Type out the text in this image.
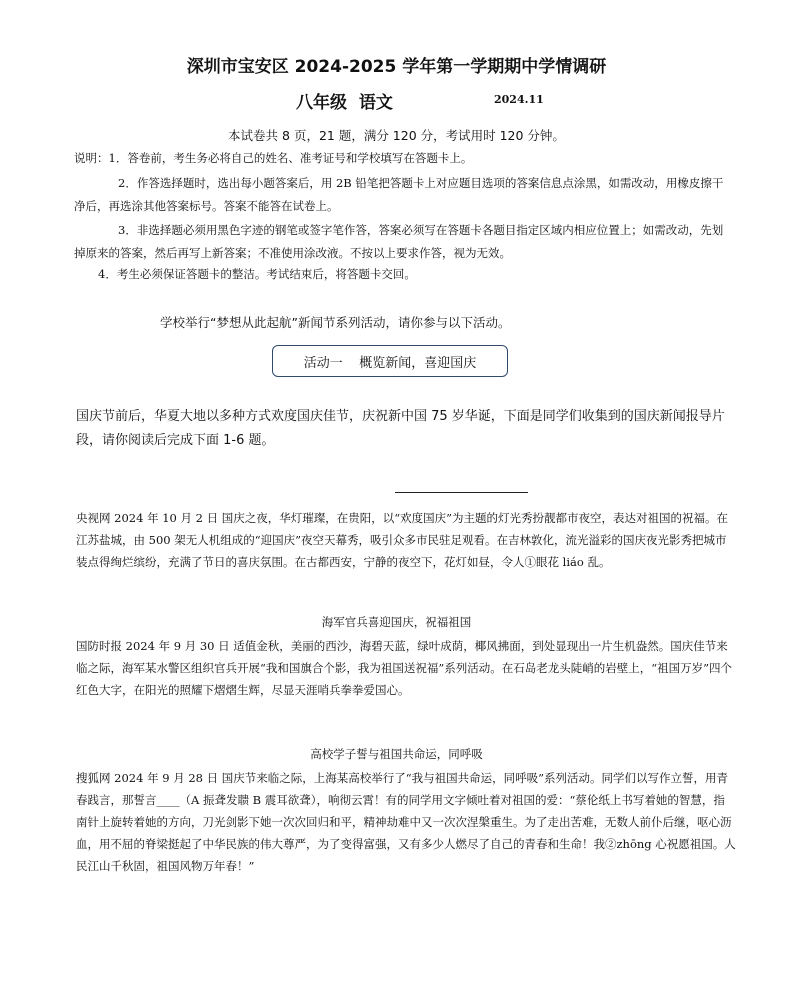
深圳市宝安区 2024-2025 学年第一学期期中学情调研
八年级  语文	2024.11
本试卷共 8 页，21 题，满分 120 分，考试用时 120 分钟。
说明：1．答卷前，考生务必将自己的姓名、准考证号和学校填写在答题卡上。
2．作答选择题时，选出每小题答案后，用 2B 铅笔把答题卡上对应题目选项的答案信息点涂黑，如需改动，用橡皮擦干净后，再选涂其他答案标号。答案不能答在试卷上。
3．非选择题必须用黑色字迹的钢笔或签字笔作答，答案必须写在答题卡各题目指定区域内相应位置上；如需改动，先划掉原来的答案，然后再写上新答案；不准使用涂改液。不按以上要求作答，视为无效。
4．考生必须保证答题卡的整洁。考试结束后，将答题卡交回。
学校举行“梦想从此起航”新闻节系列活动，请你参与以下活动。
活动一    概览新闻，喜迎国庆
国庆节前后，华夏大地以多种方式欢度国庆佳节，庆祝新中国 75 岁华诞，下面是同学们收集到的国庆新闻报导片段，请你阅读后完成下面 1-6 题。
央视网 2024 年 10 月 2 日 国庆之夜，华灯璀璨，在贵阳，以“欢度国庆”为主题的灯光秀扮靓都市夜空，表达对祖国的祝福。在江苏盐城，由 500 架无人机组成的“迎国庆”夜空天幕秀，吸引众多市民驻足观看。在吉林敦化，流光溢彩的国庆夜光影秀把城市装点得绚烂缤纷，充满了节日的喜庆氛围。在古都西安，宁静的夜空下，花灯如昼，令人①眼花 liáo 乱。
海军官兵喜迎国庆，祝福祖国
国防时报 2024 年 9 月 30 日 适值金秋，美丽的西沙，海碧天蓝，绿叶成荫，椰风拂面，到处显现出一片生机盎然。国庆佳节来临之际，海军某水警区组织官兵开展“我和国旗合个影，我为祖国送祝福”系列活动。在石岛老龙头陡峭的岩壁上，“祖国万岁”四个红色大字，在阳光的照耀下熠熠生辉，尽显天涯哨兵拳拳爱国心。
高校学子誓与祖国共命运，同呼吸
搜狐网 2024 年 9 月 28 日 国庆节来临之际，上海某高校举行了“我与祖国共命运，同呼吸”系列活动。同学们以写作立誓，用青春践言，那誓言____（A 振聋发聩 B 震耳欲聋），响彻云霄！有的同学用文字倾吐着对祖国的爱：“蔡伦纸上书写着她的智慧，指南针上旋转着她的方向，刀光剑影下她一次次回归和平，精神劫难中又一次次涅槃重生。为了走出苦难，无数人前仆后继，呕心沥血，用不屈的脊梁挺起了中华民族的伟大尊严，为了变得富强，又有多少人燃尽了自己的青春和生命！我②zhōng 心祝愿祖国。人民江山千秋固，祖国风物万年春！”
